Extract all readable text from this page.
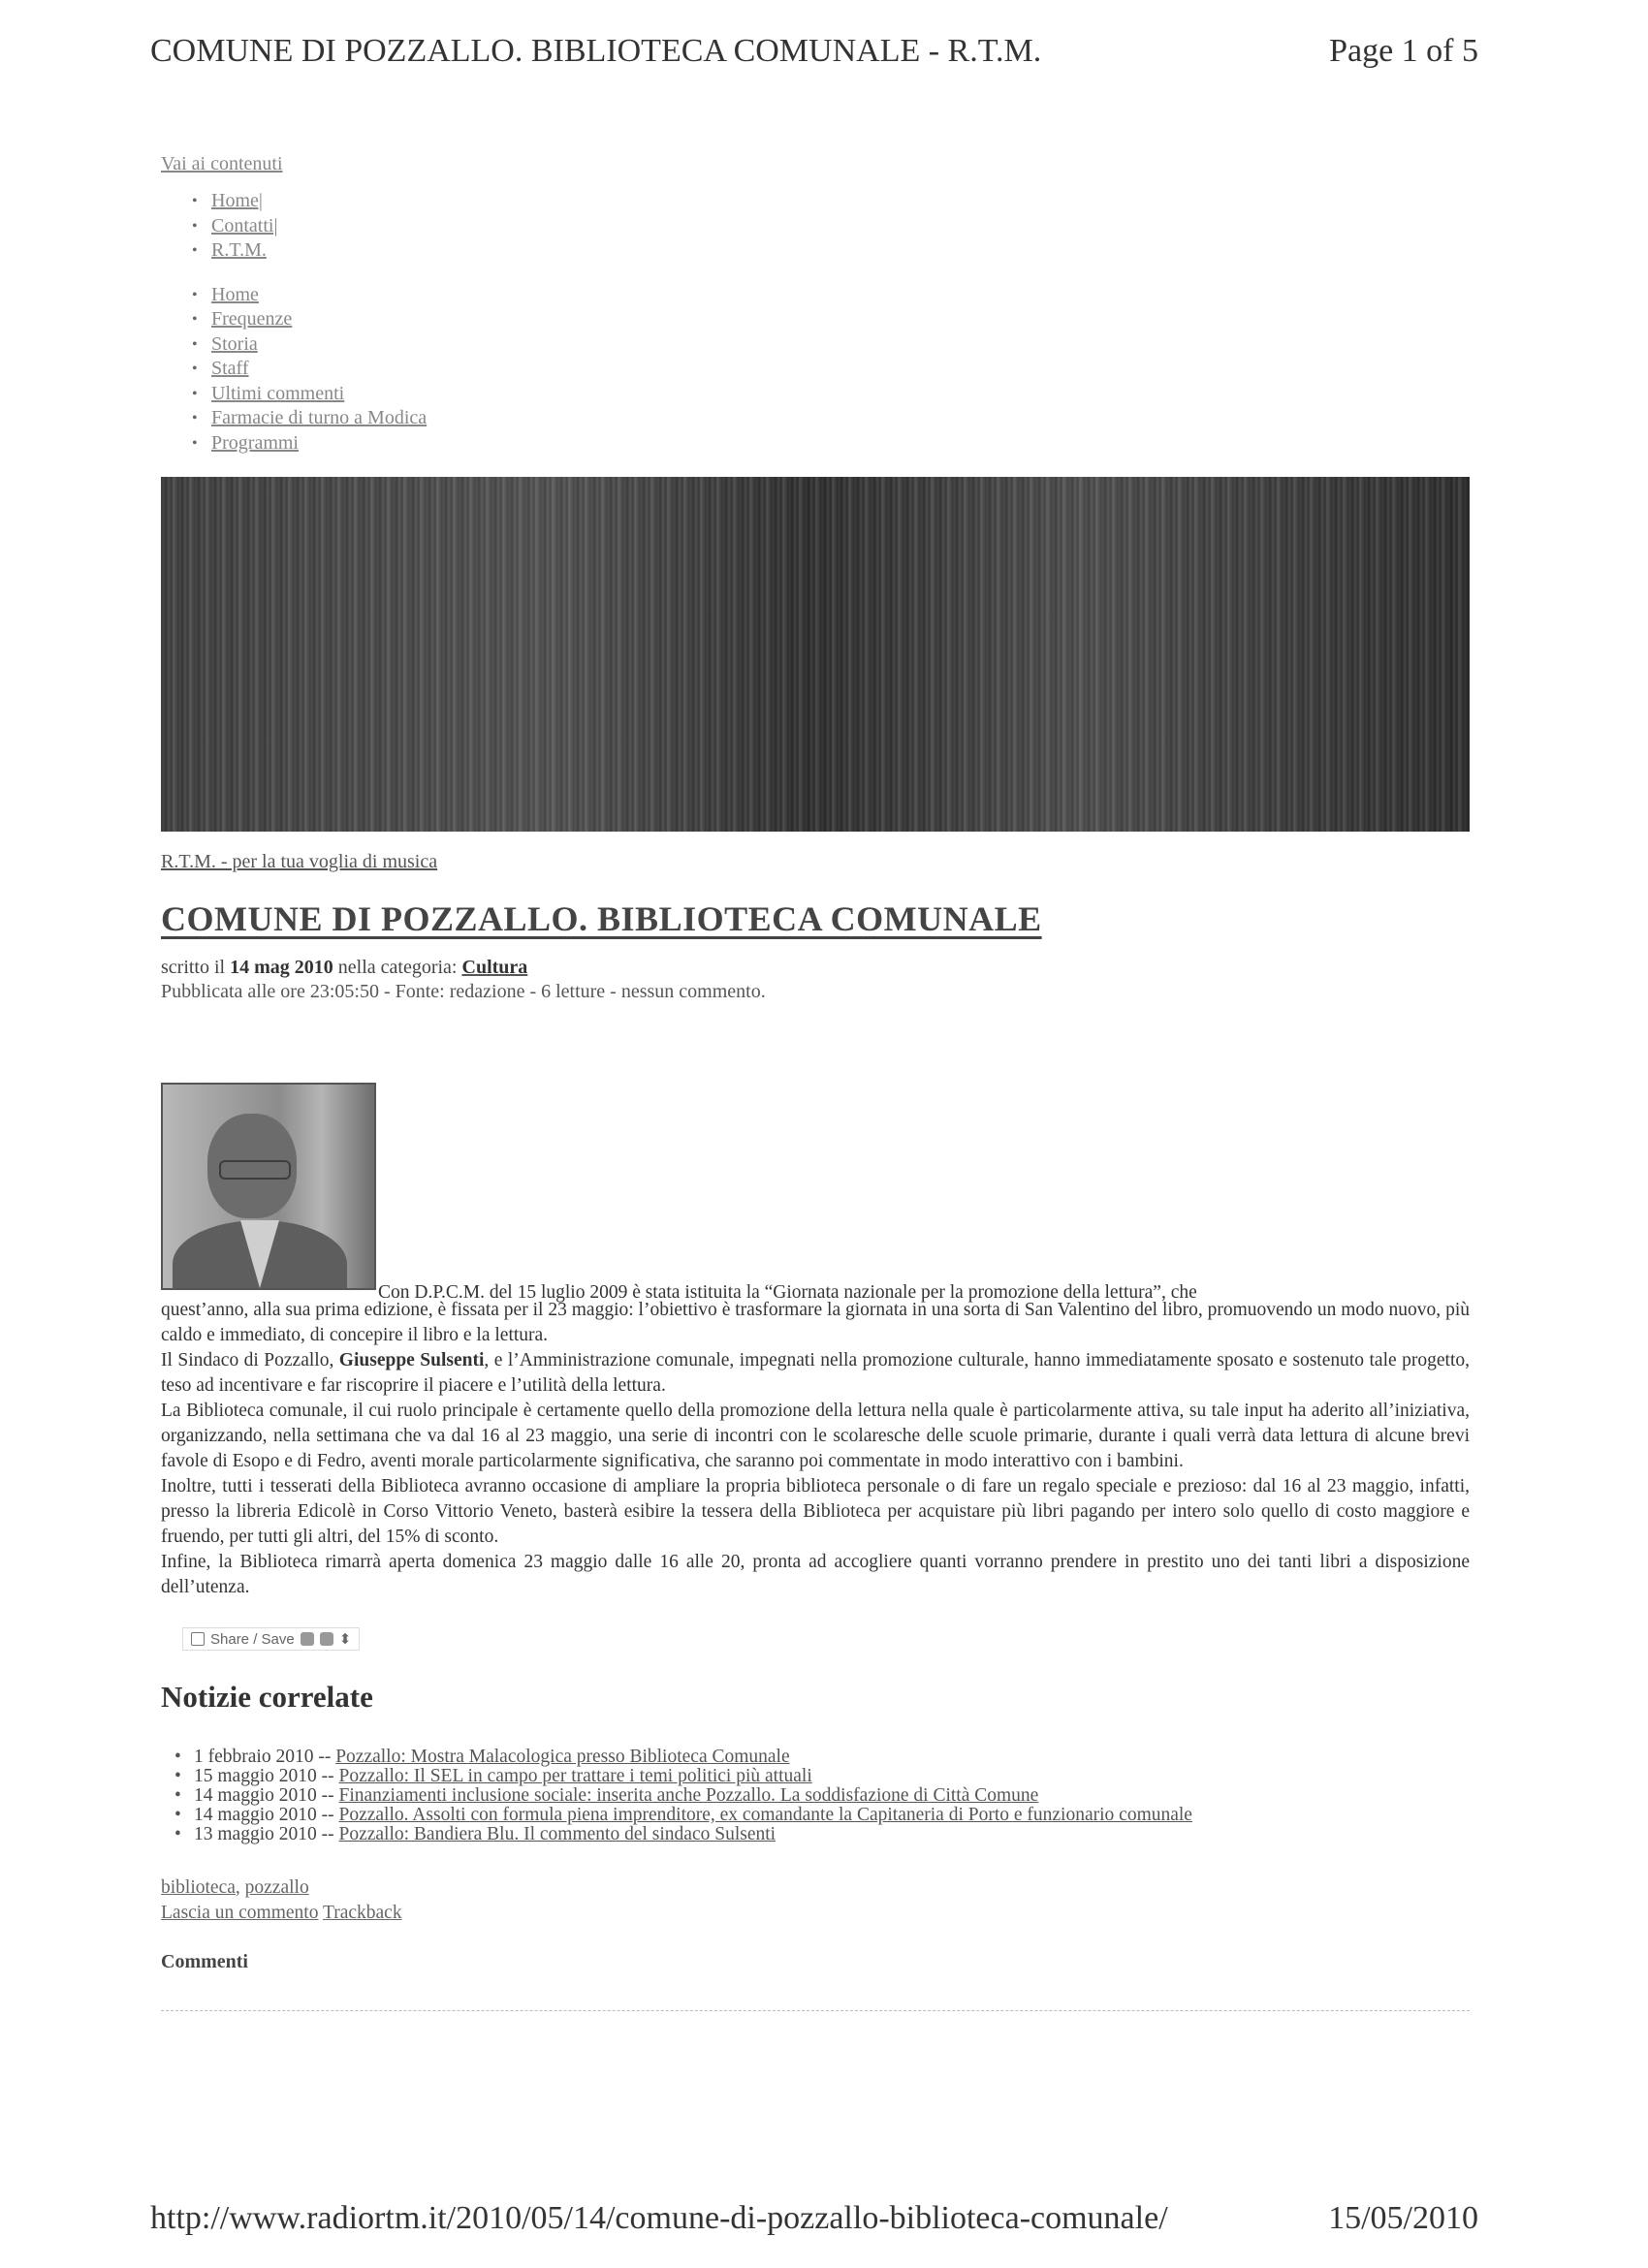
COMUNE DI POZZALLO. BIBLIOTECA COMUNALE - R.T.M.	Page 1 of 5
Vai ai contenuti
• Home|
• Contatti|
• R.T.M.
• Home
• Frequenze
• Storia
• Staff
• Ultimi commenti
• Farmacie di turno a Modica
• Programmi
R.T.M. - per la tua voglia di musica
COMUNE DI POZZALLO. BIBLIOTECA COMUNALE
scritto il 14 mag 2010 nella categoria: Cultura
Pubblicata alle ore 23:05:50 - Fonte: redazione - 6 letture - nessun commento.
Con D.P.C.M. del 15 luglio 2009 è stata istituita la “Giornata nazionale per la promozione della lettura”, che

quest’anno, alla sua prima edizione, è fissata per il 23 maggio: l’obiettivo è trasformare la giornata in una sorta di San Valentino del libro, promuovendo un modo nuovo, più caldo e immediato, di concepire il libro e la lettura.

Il Sindaco di Pozzallo, Giuseppe Sulsenti, e l’Amministrazione comunale, impegnati nella promozione culturale, hanno immediatamente sposato e sostenuto tale progetto, teso ad incentivare e far riscoprire il piacere e l’utilità della lettura.

La Biblioteca comunale, il cui ruolo principale è certamente quello della promozione della lettura nella quale è particolarmente attiva, su tale input ha aderito all’iniziativa, organizzando, nella settimana che va dal 16 al 23 maggio, una serie di incontri con le scolaresche delle scuole primarie, durante i quali verrà data lettura di alcune brevi favole di Esopo e di Fedro, aventi morale particolarmente significativa, che saranno poi commentate in modo interattivo con i bambini.

Inoltre, tutti i tesserati della Biblioteca avranno occasione di ampliare la propria biblioteca personale o di fare un regalo speciale e prezioso: dal 16 al 23 maggio, infatti, presso la libreria Edicolè in Corso Vittorio Veneto, basterà esibire la tessera della Biblioteca per acquistare più libri pagando per intero solo quello di costo maggiore e fruendo, per tutti gli altri, del 15% di sconto.

Infine, la Biblioteca rimarrà aperta domenica 23 maggio dalle 16 alle 20, pronta ad accogliere quanti vorranno prendere in prestito uno dei tanti libri a disposizione dell’utenza.

Share / Save	⬍
Notizie correlate
• 1 febbraio 2010 -- Pozzallo: Mostra Malacologica presso Biblioteca Comunale
• 15 maggio 2010 -- Pozzallo: Il SEL in campo per trattare i temi politici più attuali
• 14 maggio 2010 -- Finanziamenti inclusione sociale: inserita anche Pozzallo. La soddisfazione di Città Comune
• 14 maggio 2010 -- Pozzallo. Assolti con formula piena imprenditore, ex comandante la Capitaneria di Porto e funzionario comunale
• 13 maggio 2010 -- Pozzallo: Bandiera Blu. Il commento del sindaco Sulsenti
biblioteca, pozzallo
Lascia un commento Trackback
Commenti
http://www.radiortm.it/2010/05/14/comune-di-pozzallo-biblioteca-comunale/	15/05/2010
